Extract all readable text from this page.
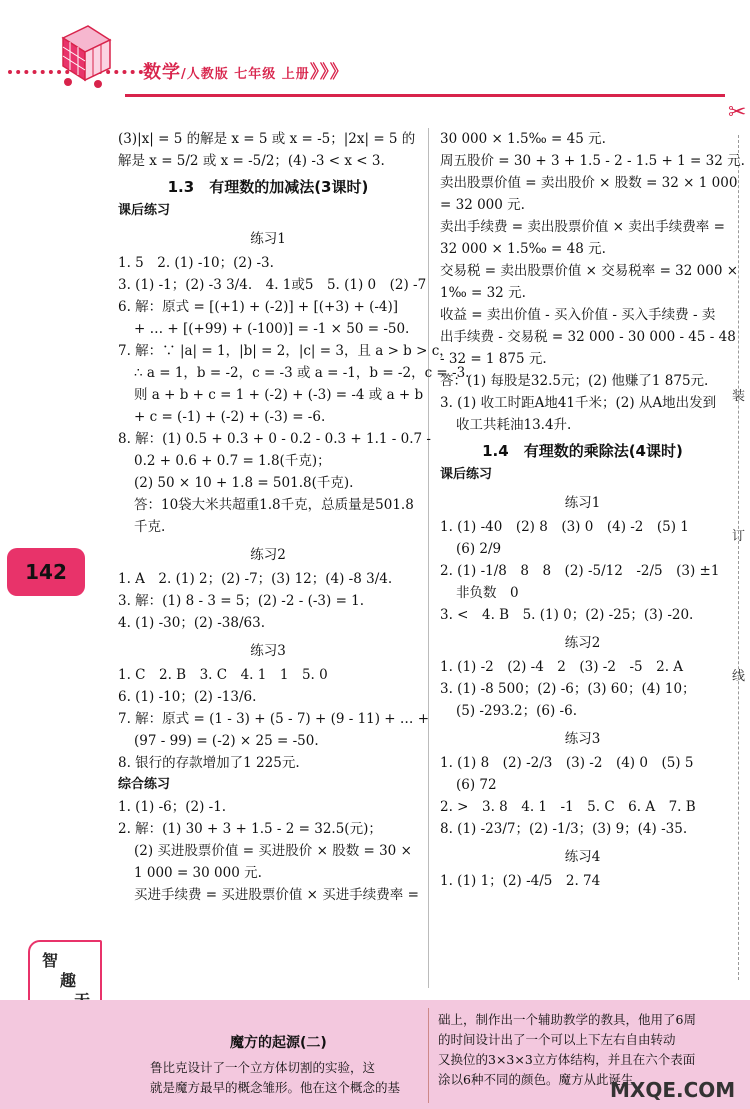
数学/人教版 七年级 上册》》》
✂
装
订
线
142

(3)|x| = 5 的解是 x = 5 或 x = -5；|2x| = 5 的

解是 x = 5/2 或 x = -5/2；(4) -3 < x < 3.

1.3　有理数的加减法(3课时)

课后练习

练习1

1. 5　2. (1) -10；(2) -3.

3. (1) -1；(2) -3 3/4.　4. 1或5　5. (1) 0　(2) -7

6. 解：原式 = [(+1) + (-2)] + [(+3) + (-4)]

+ … + [(+99) + (-100)] = -1 × 50 = -50.

7. 解：∵ |a| = 1，|b| = 2，|c| = 3，且 a > b > c，

∴ a = 1，b = -2，c = -3 或 a = -1，b = -2，c = -3.

则 a + b + c = 1 + (-2) + (-3) = -4 或 a + b

+ c = (-1) + (-2) + (-3) = -6.

8. 解：(1) 0.5 + 0.3 + 0 - 0.2 - 0.3 + 1.1 - 0.7 -

0.2 + 0.6 + 0.7 = 1.8(千克)；

(2) 50 × 10 + 1.8 = 501.8(千克).

答：10袋大米共超重1.8千克，总质量是501.8

千克.

练习2

1. A　2. (1) 2；(2) -7；(3) 12；(4) -8 3/4.

3. 解：(1) 8 - 3 = 5；(2) -2 - (-3) = 1.

4. (1) -30；(2) -38/63.

练习3

1. C　2. B　3. C　4. 1　1　5. 0

6. (1) -10；(2) -13/6.

7. 解：原式 = (1 - 3) + (5 - 7) + (9 - 11) + … +

(97 - 99) = (-2) × 25 = -50.

8. 银行的存款增加了1 225元.

综合练习

1. (1) -6；(2) -1.

2. 解：(1) 30 + 3 + 1.5 - 2 = 32.5(元)；

(2) 买进股票价值 = 买进股价 × 股数 = 30 ×

1 000 = 30 000 元.

买进手续费 = 买进股票价值 × 买进手续费率 =

30 000 × 1.5‰ = 45 元.

周五股价 = 30 + 3 + 1.5 - 2 - 1.5 + 1 = 32 元.

卖出股票价值 = 卖出股价 × 股数 = 32 × 1 000

= 32 000 元.

卖出手续费 = 卖出股票价值 × 卖出手续费率 =

32 000 × 1.5‰ = 48 元.

交易税 = 卖出股票价值 × 交易税率 = 32 000 ×

1‰ = 32 元.

收益 = 卖出价值 - 买入价值 - 买入手续费 - 卖

出手续费 - 交易税 = 32 000 - 30 000 - 45 - 48

- 32 = 1 875 元.

答：(1) 每股是32.5元；(2) 他赚了1 875元.

3. (1) 收工时距A地41千米；(2) 从A地出发到

收工共耗油13.4升.

1.4　有理数的乘除法(4课时)

课后练习

练习1

1. (1) -40　(2) 8　(3) 0　(4) -2　(5) 1

(6) 2/9

2. (1) -1/8　8　8　(2) -5/12　-2/5　(3) ±1

非负数　0

3. <　4. B　5. (1) 0；(2) -25；(3) -20.

练习2

1. (1) -2　(2) -4　2　(3) -2　-5　2. A

3. (1) -8 500；(2) -6；(3) 60；(4) 10；

(5) -293.2；(6) -6.

练习3

1. (1) 8　(2) -2/3　(3) -2　(4) 0　(5) 5

(6) 72

2. >　3. 8　4. 1　-1　5. C　6. A　7. B

8. (1) -23/7；(2) -1/3；(3) 9；(4) -35.

练习4

1. (1) 1；(2) -4/5　2. 74

智
趣
魔方的起源(二)

鲁比克设计了一个立方体切割的实验，这

就是魔方最早的概念雏形。他在这个概念的基

础上，制作出一个辅助教学的教具，他用了6周

的时间设计出了一个可以上下左右自由转动

又换位的3×3×3立方体结构，并且在六个表面

涂以6种不同的颜色。魔方从此诞生

MXQE.COM
